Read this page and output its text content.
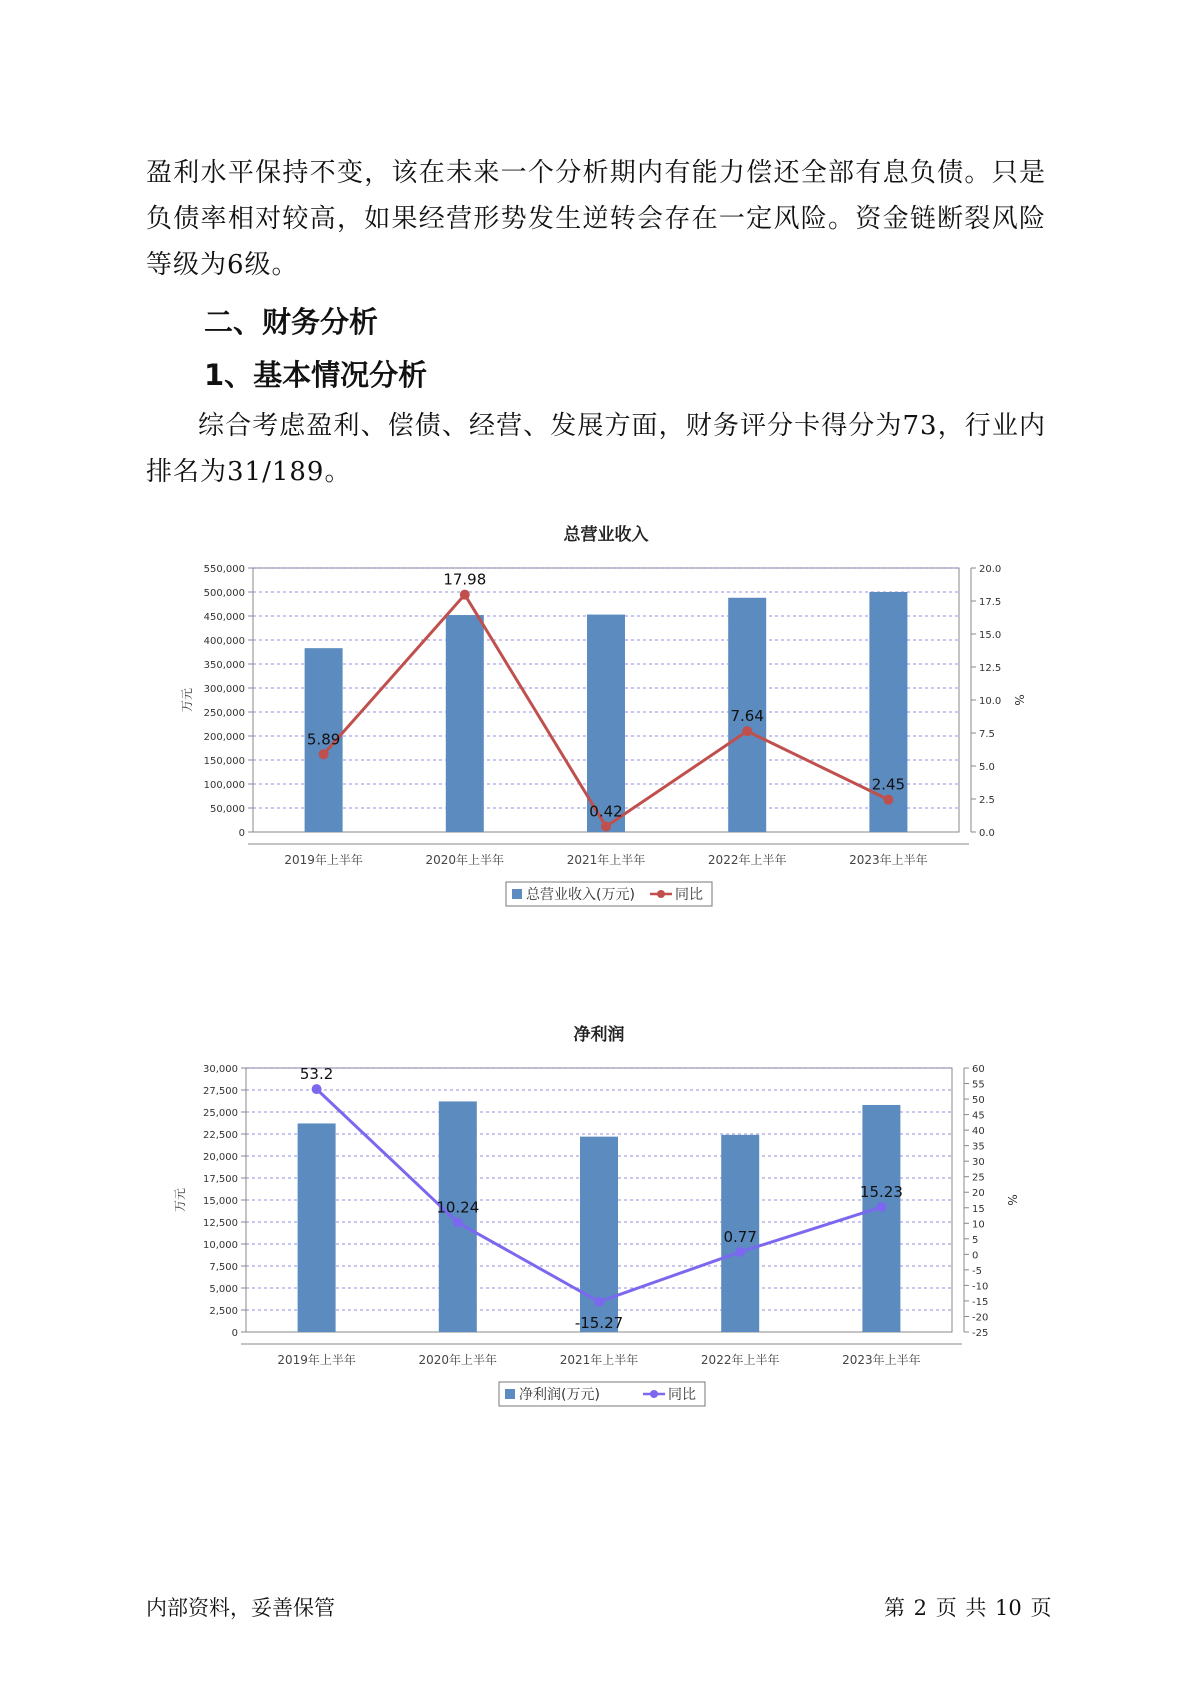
盈利水平保持不变，该在未来一个分析期内有能力偿还全部有息负债。只是负债率相对较高，如果经营形势发生逆转会存在一定风险。资金链断裂风险等级为6级。

二、财务分析
1、基本情况分析

综合考虑盈利、偿债、经营、发展方面，财务评分卡得分为73，行业内排名为31/189。

总营业收入
0
50,000
100,000
150,000
200,000
250,000
300,000
350,000
400,000
450,000
500,000
550,000
0.0
2.5
5.0
7.5
10.0
12.5
15.0
17.5
20.0
万元	%
2019年上半年	2020年上半年	2021年上半年	2022年上半年	2023年上半年
5.89
17.98
0.42
7.64
2.45
总营业收入(万元)	同比
净利润
0
2,500
5,000
7,500
10,000
12,500
15,000
17,500
20,000
22,500
25,000
27,500
30,000
-25
-20
-15
-10
-5
0
5
10
15
20
25
30
35
40
45
50
55
60
万元	%
2019年上半年	2020年上半年	2021年上半年	2022年上半年	2023年上半年
53.2
10.24
-15.27
0.77
15.23
净利润(万元)	同比
内部资料，妥善保管	第 2 页 共 10 页
